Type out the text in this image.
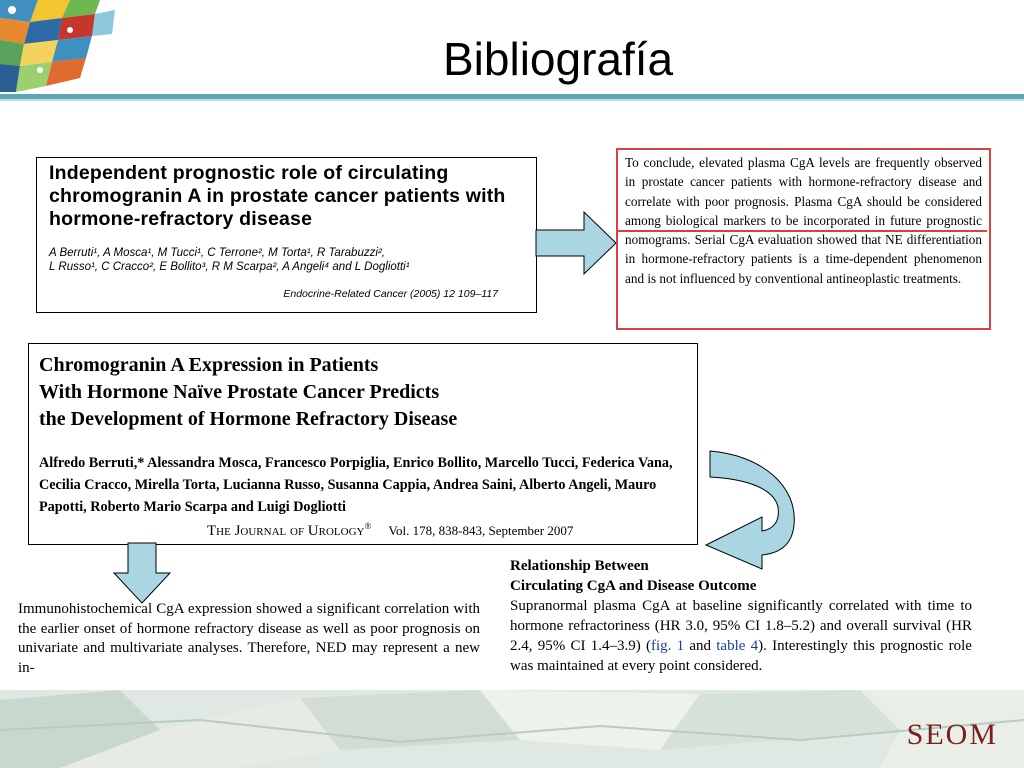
Bibliografía
Independent prognostic role of circulating chromogranin A in prostate cancer patients with hormone-refractory disease
A Berruti¹, A Mosca¹, M Tucci¹, C Terrone², M Torta¹, R Tarabuzzi²,
L Russo¹, C Cracco², E Bollito³, R M Scarpa², A Angeli⁴ and L Dogliotti¹
Endocrine-Related Cancer (2005) 12 109–117
To conclude, elevated plasma CgA levels are frequently observed in prostate cancer patients with hormone-refractory disease and correlate with poor prognosis. Plasma CgA should be considered among biological markers to be incorporated in future prognostic nomograms. Serial CgA evaluation showed that NE differentiation in hormone-refractory patients is a time-dependent phenomenon and is not influenced by conventional antineoplastic treatments.
Chromogranin A Expression in Patients
With Hormone Naïve Prostate Cancer Predicts
the Development of Hormone Refractory Disease
Alfredo Berruti,* Alessandra Mosca, Francesco Porpiglia, Enrico Bollito, Marcello Tucci, Federica Vana, Cecilia Cracco, Mirella Torta, Lucianna Russo, Susanna Cappia, Andrea Saini, Alberto Angeli, Mauro Papotti, Roberto Mario Scarpa and Luigi Dogliotti
The Journal of Urology® Vol. 178, 838-843, September 2007
Immunohistochemical CgA expression showed a significant correlation with the earlier onset of hormone refractory disease as well as poor prognosis on univariate and multivariate analyses. Therefore, NED may represent a new in-
Relationship Between
Circulating CgA and Disease Outcome
Supranormal plasma CgA at baseline significantly correlated with time to hormone refractoriness (HR 3.0, 95% CI 1.8–5.2) and overall survival (HR 2.4, 95% CI 1.4–3.9) (fig. 1 and table 4). Interestingly this prognostic role was maintained at every point considered.
SEOM
